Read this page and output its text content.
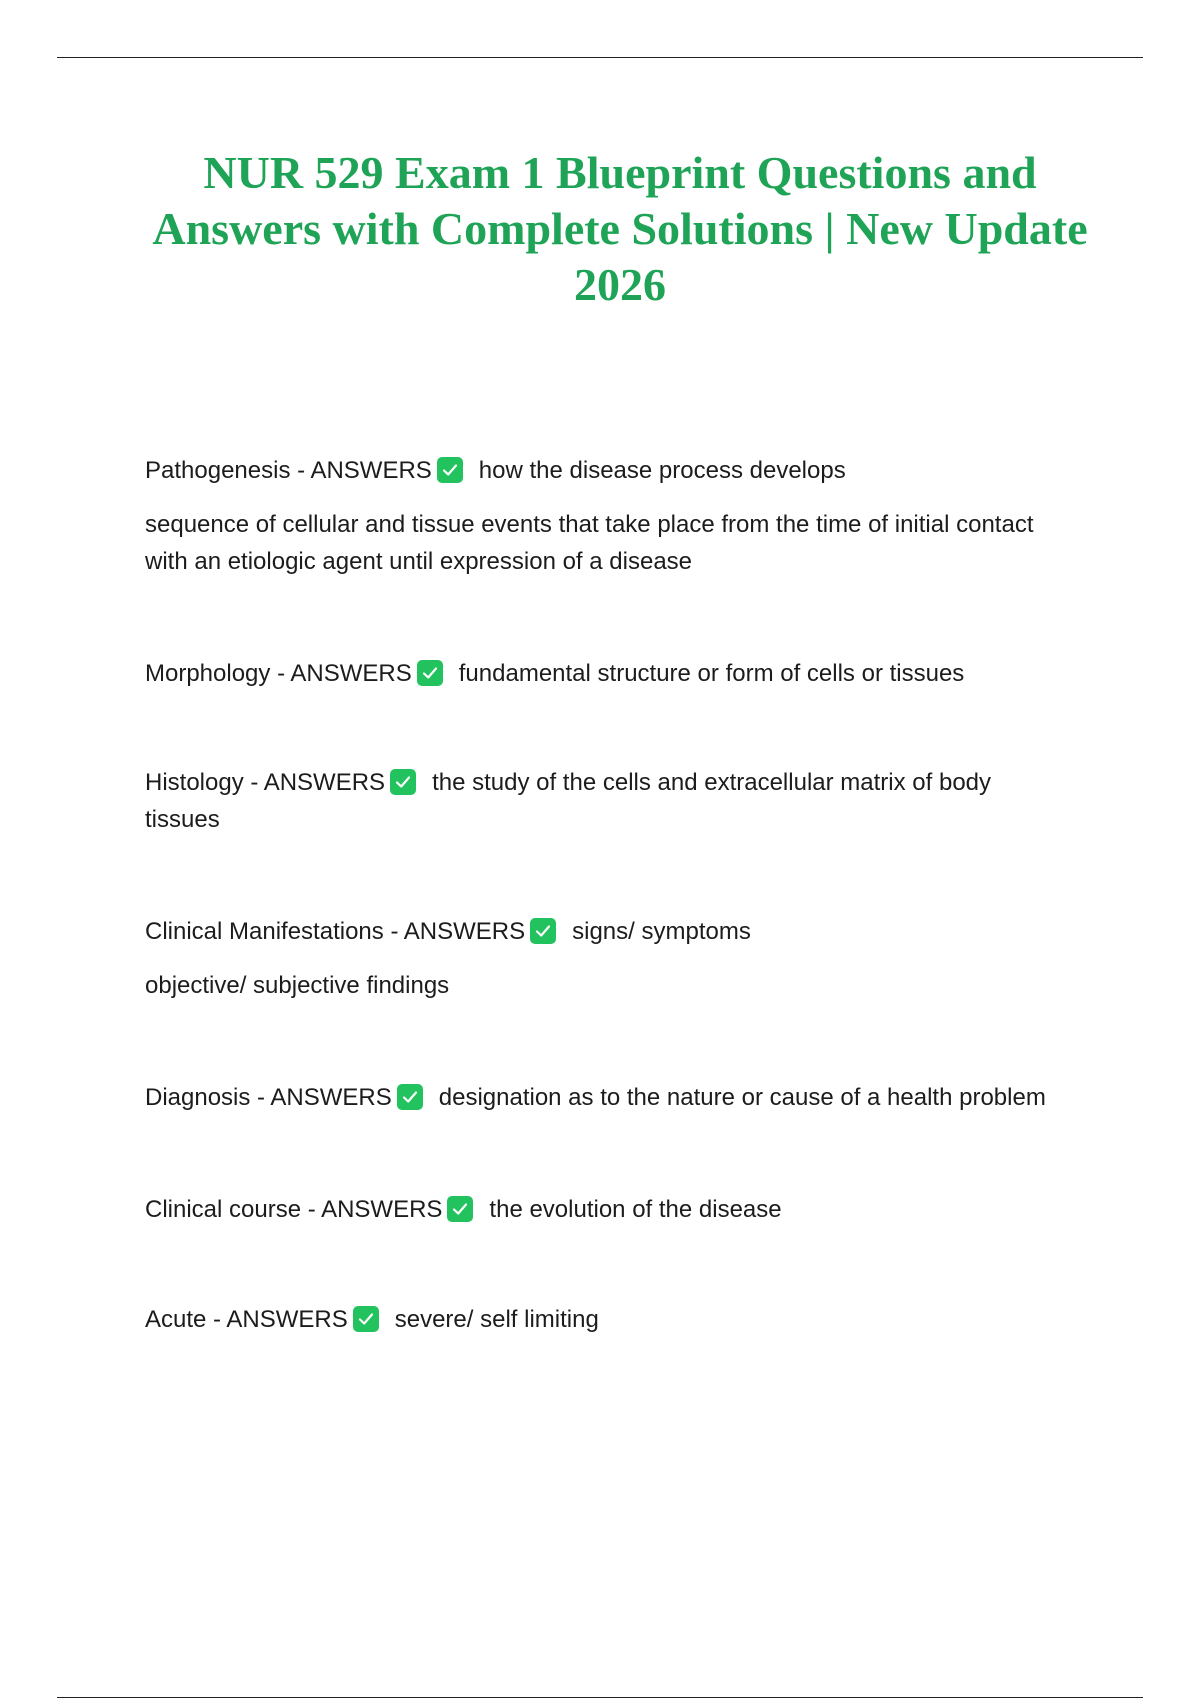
NUR 529 Exam 1 Blueprint Questions and Answers with Complete Solutions | New Update 2026

Pathogenesis - ANSWERS how the disease process develops

sequence of cellular and tissue events that take place from the time of initial contact with an etiologic agent until expression of a disease

Morphology - ANSWERS fundamental structure or form of cells or tissues

Histology - ANSWERS the study of the cells and extracellular matrix of body tissues

Clinical Manifestations - ANSWERS signs/ symptoms

objective/ subjective findings

Diagnosis - ANSWERS designation as to the nature or cause of a health problem

Clinical course - ANSWERS the evolution of the disease

Acute - ANSWERS severe/ self limiting
